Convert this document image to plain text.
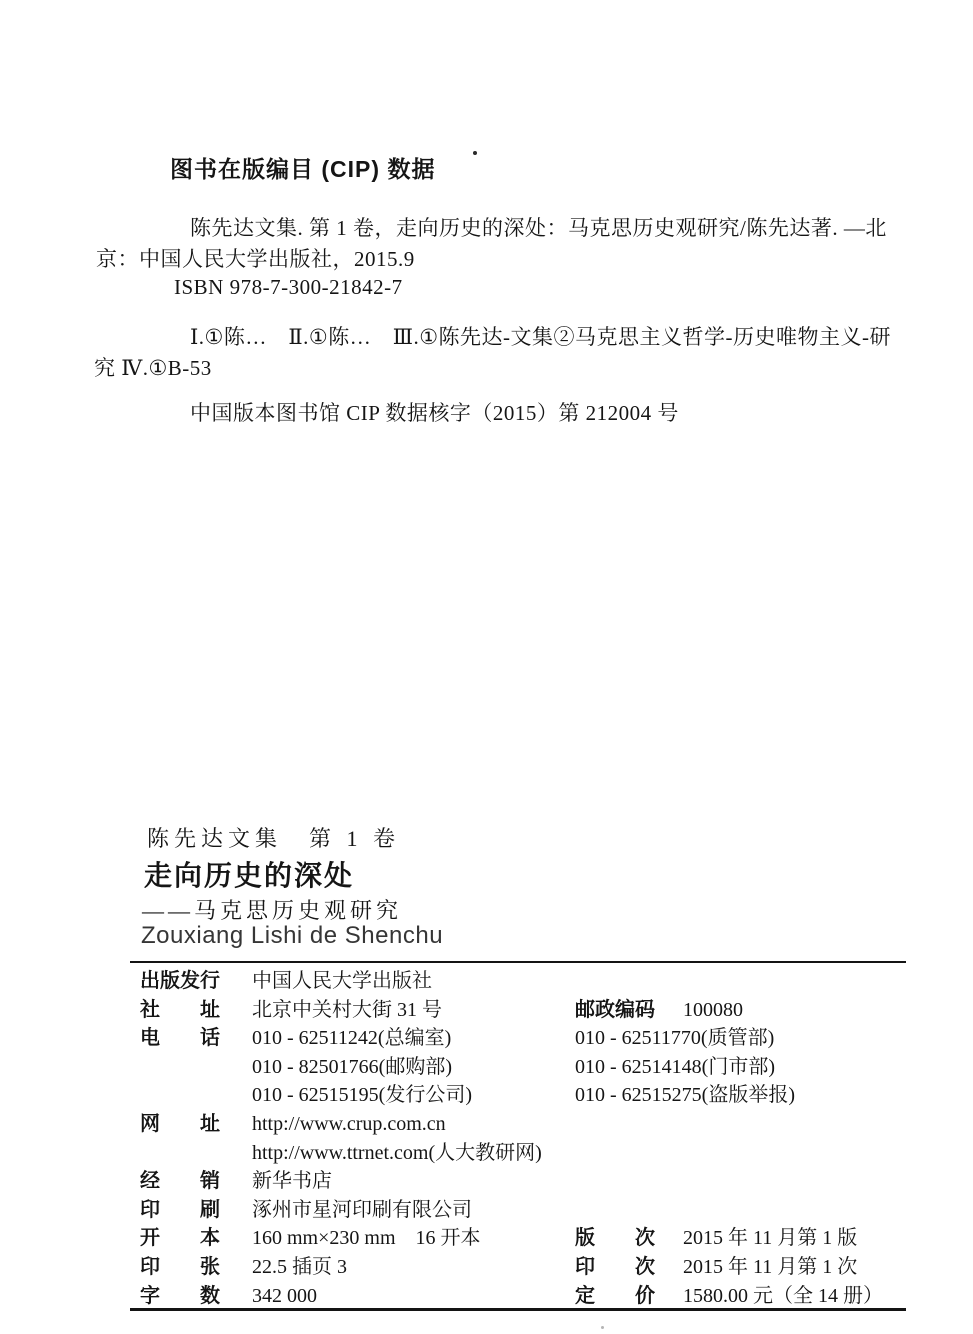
图书在版编目 (CIP) 数据
陈先达文集. 第 1 卷，走向历史的深处：马克思历史观研究/陈先达著. —北
京：中国人民大学出版社，2015.9
ISBN 978-7-300-21842-7
Ⅰ.①陈…　Ⅱ.①陈…　Ⅲ.①陈先达-文集②马克思主义哲学-历史唯物主义-研
究 Ⅳ.①B-53
中国版本图书馆 CIP 数据核字（2015）第 212004 号
陈先达文集　第 1 卷
走向历史的深处
——马克思历史观研究
Zouxiang Lishi de Shenchu
出版发行	中国人民大学出版社
社　　址	北京中关村大街 31 号	邮政编码	100080
电　　话	010 - 62511242(总编室)	010 - 62511770(质管部)
010 - 82501766(邮购部)	010 - 62514148(门市部)
010 - 62515195(发行公司)	010 - 62515275(盗版举报)
网　　址	http://www.crup.com.cn
http://www.ttrnet.com(人大教研网)
经　　销	新华书店
印　　刷	涿州市星河印刷有限公司
开　　本	160 mm×230 mm　16 开本	版　　次	2015 年 11 月第 1 版
印　　张	22.5 插页 3	印　　次	2015 年 11 月第 1 次
字　　数	342 000	定　　价	1580.00 元（全 14 册）
